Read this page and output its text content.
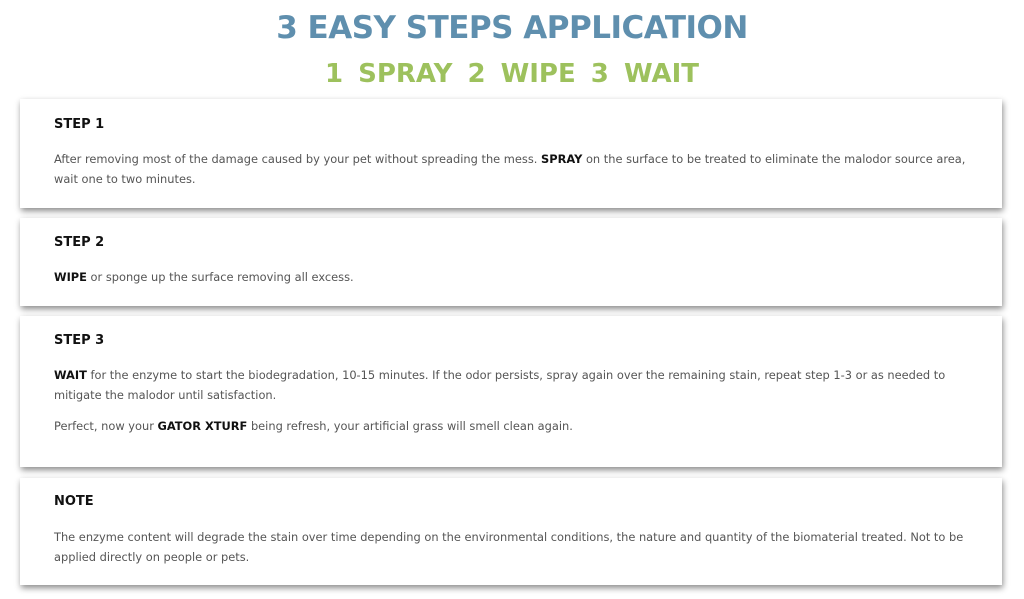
3 EASY STEPS APPLICATION
1 SPRAY 2 WIPE 3 WAIT
STEP 1

After removing most of the damage caused by your pet without spreading the mess. SPRAY on the surface to be treated to eliminate the malodor source area, wait one to two minutes.

STEP 2

WIPE or sponge up the surface removing all excess.

STEP 3

WAIT for the enzyme to start the biodegradation, 10-15 minutes. If the odor persists, spray again over the remaining stain, repeat step 1-3 or as needed to mitigate the malodor until satisfaction.

Perfect, now your GATOR XTURF being refresh, your artificial grass will smell clean again.

NOTE

The enzyme content will degrade the stain over time depending on the environmental conditions, the nature and quantity of the biomaterial treated. Not to be applied directly on people or pets.
